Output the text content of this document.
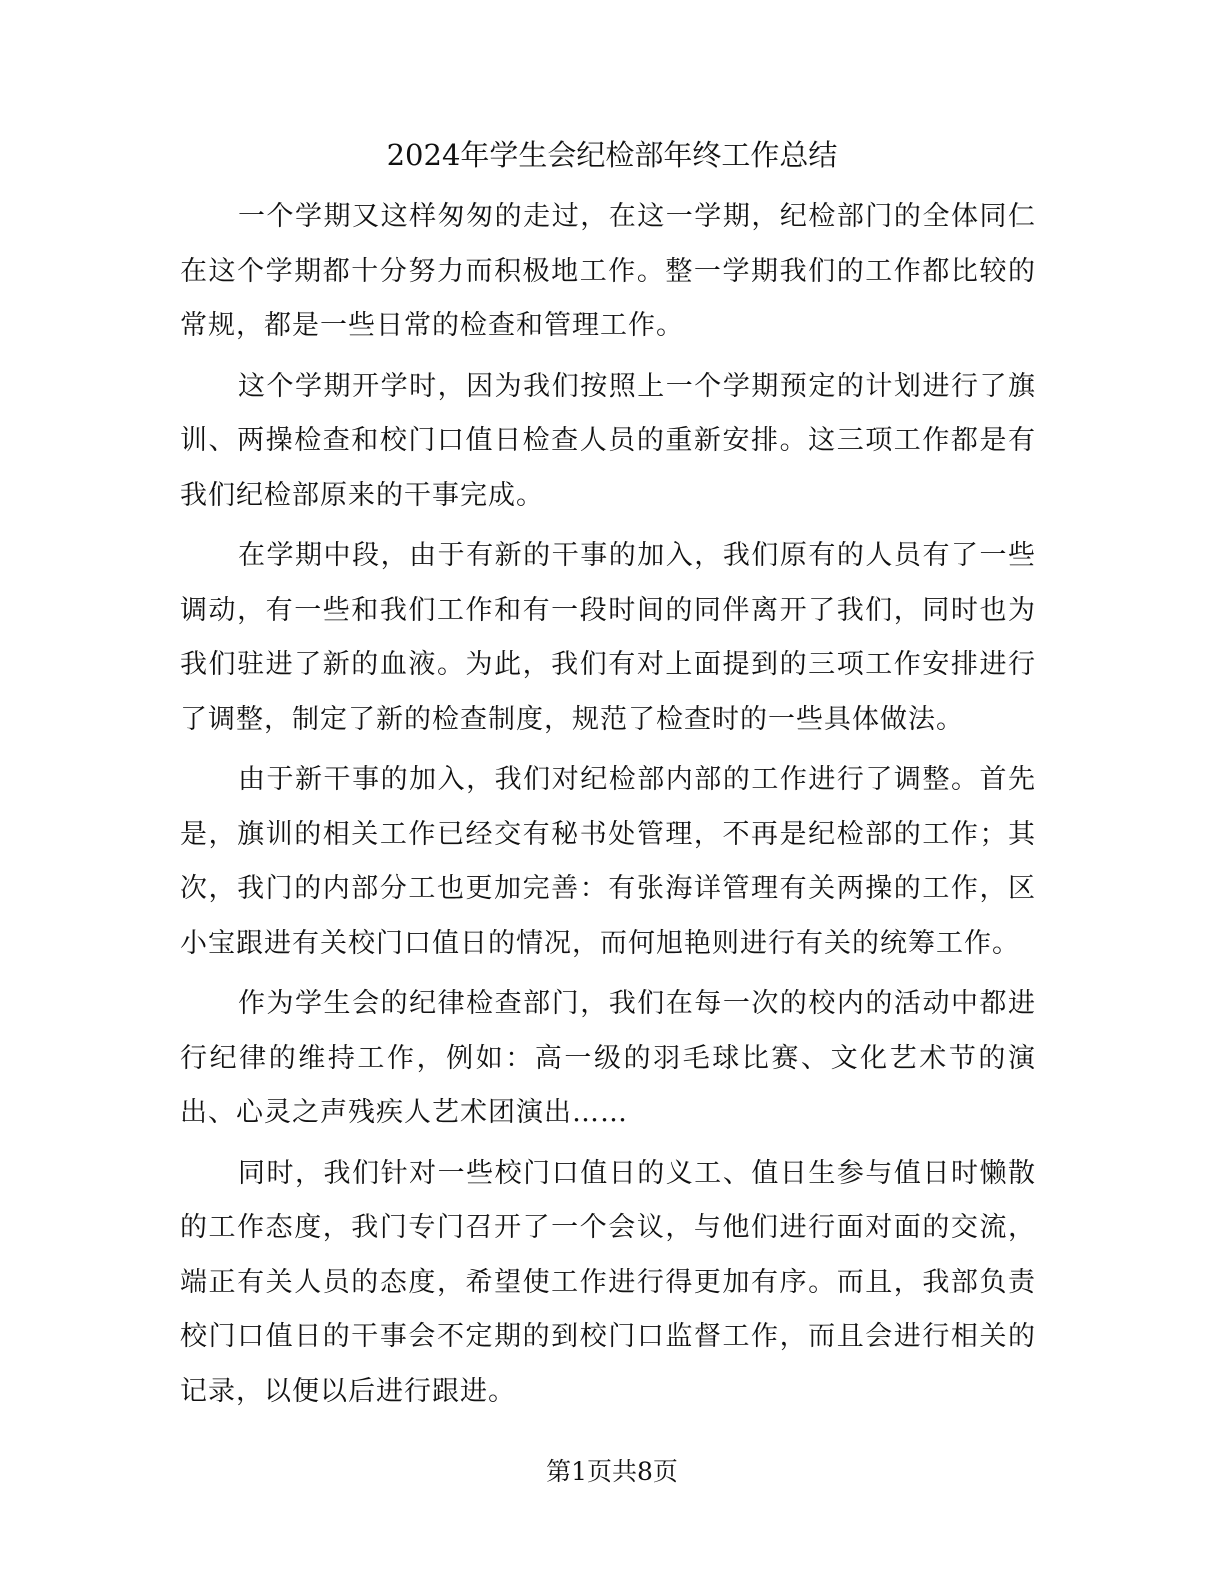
2024年学生会纪检部年终工作总结

一个学期又这样匆匆的走过，在这一学期，纪检部门的全体同仁在这个学期都十分努力而积极地工作。整一学期我们的工作都比较的常规，都是一些日常的检查和管理工作。

这个学期开学时，因为我们按照上一个学期预定的计划进行了旗训、两操检查和校门口值日检查人员的重新安排。这三项工作都是有我们纪检部原来的干事完成。

在学期中段，由于有新的干事的加入，我们原有的人员有了一些调动，有一些和我们工作和有一段时间的同伴离开了我们，同时也为我们驻进了新的血液。为此，我们有对上面提到的三项工作安排进行了调整，制定了新的检查制度，规范了检查时的一些具体做法。

由于新干事的加入，我们对纪检部内部的工作进行了调整。首先是，旗训的相关工作已经交有秘书处管理，不再是纪检部的工作；其次，我门的内部分工也更加完善：有张海详管理有关两操的工作，区小宝跟进有关校门口值日的情况，而何旭艳则进行有关的统筹工作。

作为学生会的纪律检查部门，我们在每一次的校内的活动中都进行纪律的维持工作，例如：高一级的羽毛球比赛、文化艺术节的演出、心灵之声残疾人艺术团演出……

同时，我们针对一些校门口值日的义工、值日生参与值日时懒散的工作态度，我门专门召开了一个会议，与他们进行面对面的交流，端正有关人员的态度，希望使工作进行得更加有序。而且，我部负责校门口值日的干事会不定期的到校门口监督工作，而且会进行相关的记录，以便以后进行跟进。

第1页共8页
